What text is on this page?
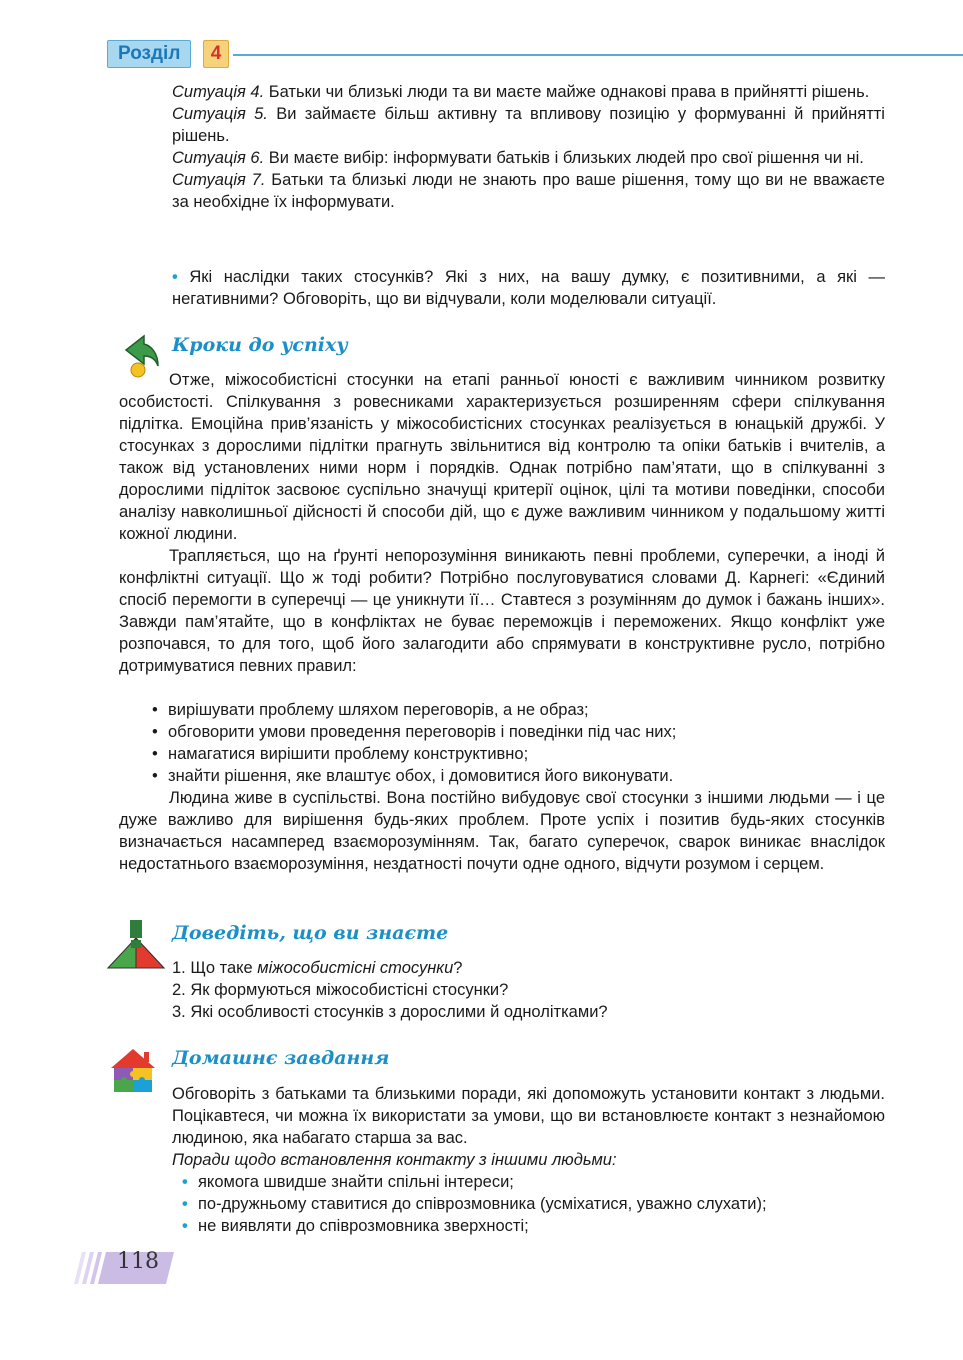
Розділ	4

Ситуація 4. Батьки чи близькі люди та ви маєте майже однакові права в прийнятті рішень.

Ситуація 5. Ви займаєте більш активну та впливову позицію у формуванні й прийнятті рішень.

Ситуація 6. Ви маєте вибір: інформувати батьків і близьких людей про свої рішення чи ні.

Ситуація 7. Батьки та близькі люди не знають про ваше рішення, тому що ви не вважаєте за необхідне їх інформувати.

• Які наслідки таких стосунків? Які з них, на вашу думку, є позитивними, а які — негативними? Обговоріть, що ви відчували, коли моделювали ситуації.

Кроки до успіху

Отже, міжособистісні стосунки на етапі ранньої юності є важливим чинником розвитку особистості. Спілкування з ровесниками характеризується розширенням сфери спілкування підлітка. Емоційна прив’язаність у міжособистісних стосунках реалізується в юнацькій дружбі. У стосунках з дорослими підлітки прагнуть звільнитися від контролю та опіки батьків і вчителів, а також від установлених ними норм і порядків. Однак потрібно пам’ятати, що в спілкуванні з дорослими підліток засвоює суспільно значущі критерії оцінок, цілі та мотиви поведінки, способи аналізу навколишньої дійсності й способи дій, що є дуже важливим чинником у подальшому житті кожної людини.

Трапляється, що на ґрунті непорозуміння виникають певні проблеми, суперечки, а іноді й конфліктні ситуації. Що ж тоді робити? Потрібно послуговуватися словами Д. Карнегі: «Єдиний спосіб перемогти в суперечці — це уникнути її… Ставтеся з розумінням до думок і бажань інших». Завжди пам’ятайте, що в конфліктах не буває переможців і переможених. Якщо конфлікт уже розпочався, то для того, щоб його залагодити або спрямувати в конструктивне русло, потрібно дотримуватися певних правил:

• вирішувати проблему шляхом переговорів, а не образ;
• обговорити умови проведення переговорів і поведінки під час них;
• намагатися вирішити проблему конструктивно;
• знайти рішення, яке влаштує обох, і домовитися його виконувати.

Людина живе в суспільстві. Вона постійно вибудовує свої стосунки з іншими людьми — і це дуже важливо для вирішення будь-яких проблем. Проте успіх і позитив будь-яких стосунків визначається насамперед взаєморозумінням. Так, багато суперечок, сварок виникає внаслідок недостатнього взаєморозуміння, нездатності почути одне одного, відчути розумом і серцем.

Доведіть, що ви знаєте
1. Що таке міжособистісні стосунки?
2. Як формуються міжособистісні стосунки?
3. Які особливості стосунків з дорослими й однолітками?
Домашнє завдання

Обговоріть з батьками та близькими поради, які допоможуть установити контакт з людьми. Поцікавтеся, чи можна їх використати за умови, що ви встановлюєте контакт з незнайомою людиною, яка набагато старша за вас.

Поради щодо встановлення контакту з іншими людьми:

• якомога швидше знайти спільні інтереси;
• по-дружньому ставитися до співрозмовника (усміхатися, уважно слухати);
• не виявляти до співрозмовника зверхності;
118
